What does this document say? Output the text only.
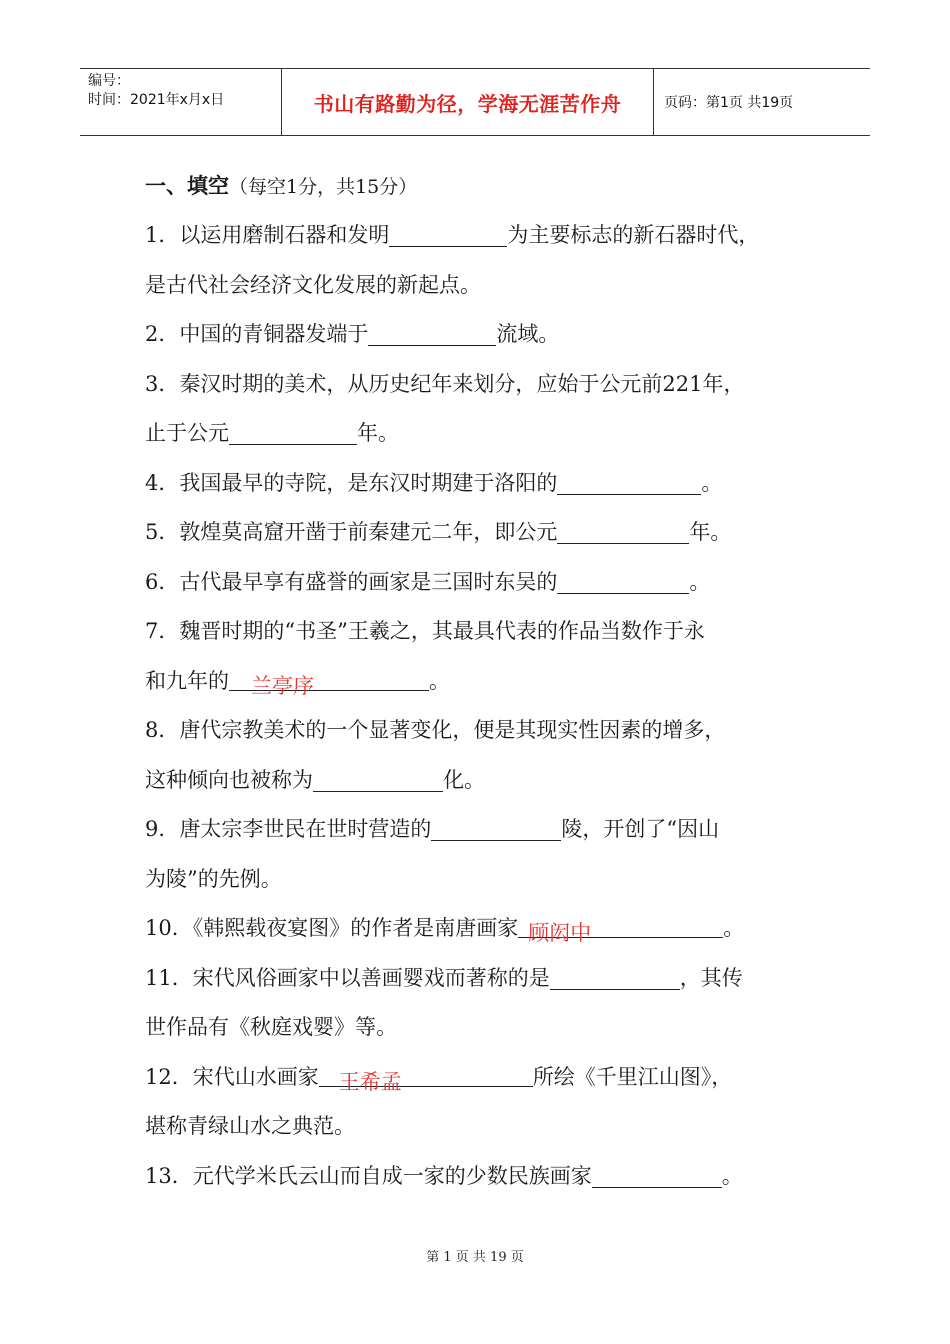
编号：
时间：2021年x月x日	书山有路勤为径，学海无涯苦作舟	页码：第1页 共19页
一、填空（每空1分，共15分）
1．以运用磨制石器和发明	为主要标志的新石器时代，
是古代社会经济文化发展的新起点。
2．中国的青铜器发端于	流域。
3．秦汉时期的美术，从历史纪年来划分，应始于公元前221年，
止于公元	年。
4．我国最早的寺院，是东汉时期建于洛阳的	。
5．敦煌莫高窟开凿于前秦建元二年，即公元	年。
6．古代最早享有盛誉的画家是三国时东吴的	。
7．魏晋时期的“书圣”王羲之，其最具代表的作品当数作于永
和九年的 兰亭序	。
8．唐代宗教美术的一个显著变化，便是其现实性因素的增多，
这种倾向也被称为	化。
9．唐太宗李世民在世时营造的	陵，开创了“因山
为陵”的先例。
10．《韩熙载夜宴图》的作者是南唐画家 顾闳中	。
11．宋代风俗画家中以善画婴戏而著称的是	，其传
世作品有《秋庭戏婴》等。
12．宋代山水画家 王希孟	所绘《千里江山图》，
堪称青绿山水之典范。
13．元代学米氏云山而自成一家的少数民族画家	。
第 1 页 共 19 页
